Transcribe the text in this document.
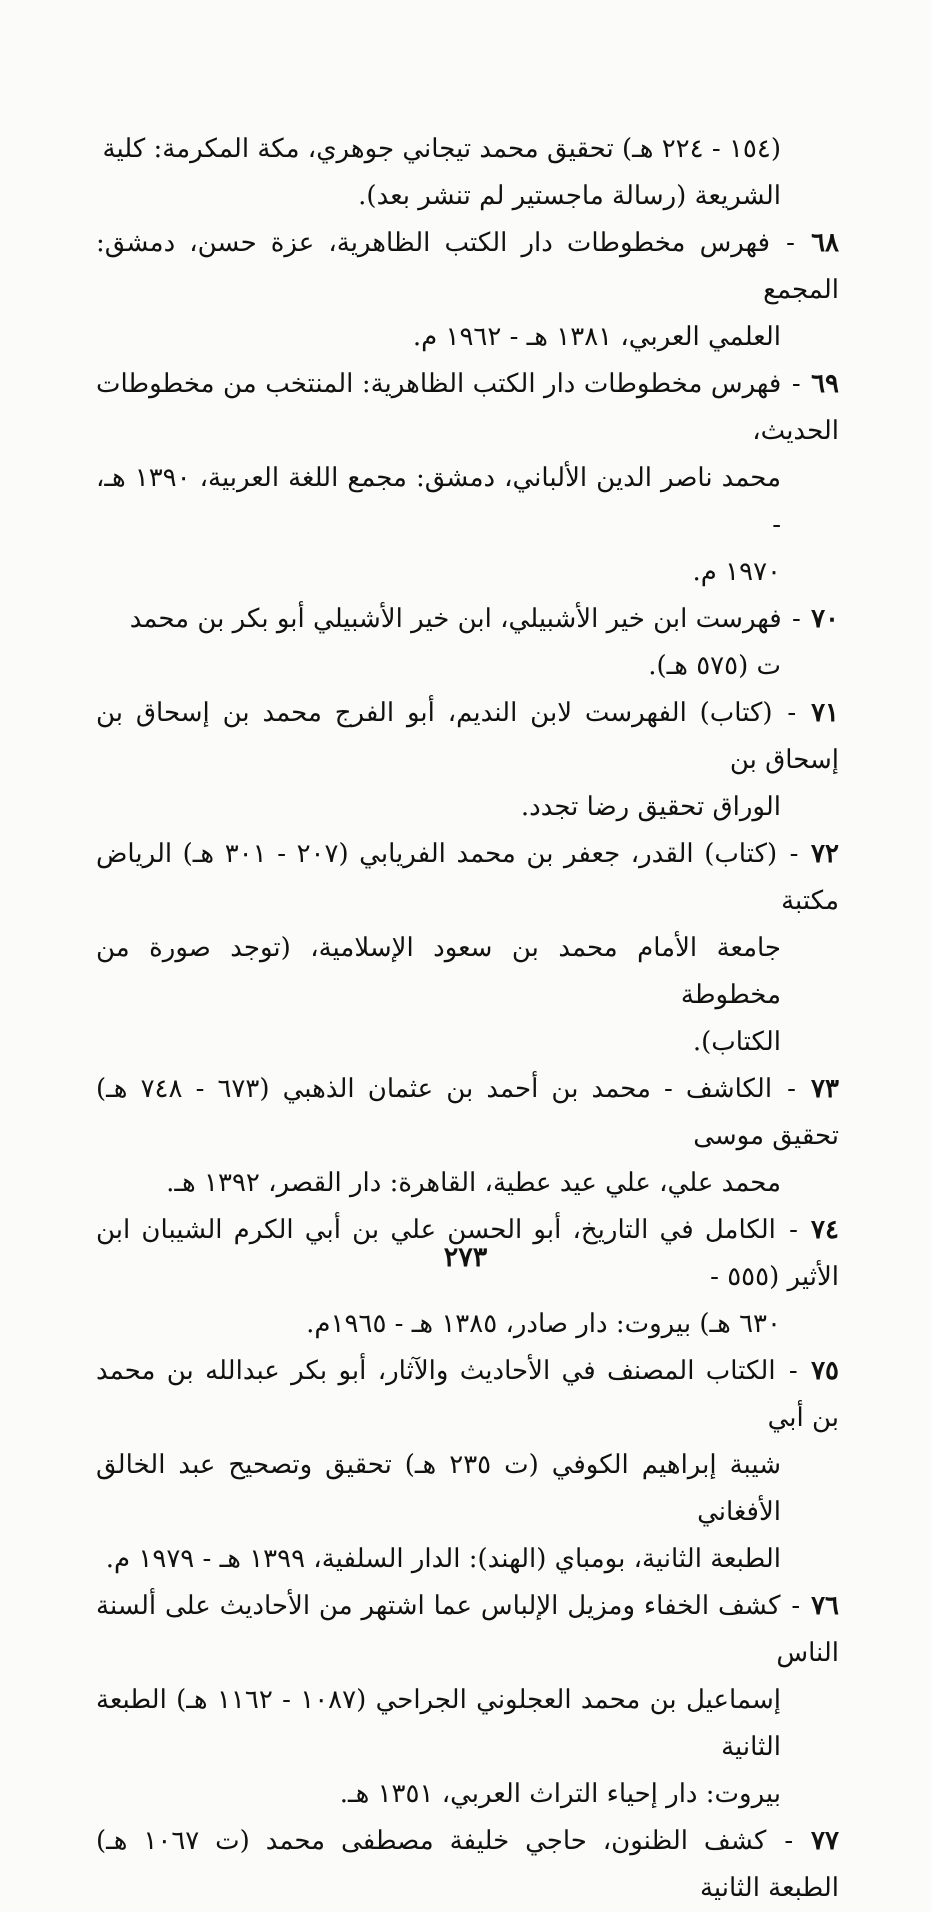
(١٥٤ - ٢٢٤ هـ) تحقيق محمد تيجاني جوهري، مكة المكرمة: كلية
الشريعة (رسالة ماجستير لم تنشر بعد).
٦٨ - فهرس مخطوطات دار الكتب الظاهرية، عزة حسن، دمشق: المجمع
العلمي العربي، ١٣٨١ هـ - ١٩٦٢ م.
٦٩ - فهرس مخطوطات دار الكتب الظاهرية: المنتخب من مخطوطات الحديث،
محمد ناصر الدين الألباني، دمشق: مجمع اللغة العربية، ١٣٩٠ هـ، -
١٩٧٠ م.
٧٠ - فهرست ابن خير الأشبيلي، ابن خير الأشبيلي أبو بكر بن محمد
ت (٥٧٥ هـ).
٧١ - (كتاب) الفهرست لابن النديم، أبو الفرج محمد بن إسحاق بن إسحاق بن
الوراق تحقيق رضا تجدد.
٧٢ - (كتاب) القدر، جعفر بن محمد الفريابي (٢٠٧ - ٣٠١ هـ) الرياض مكتبة
جامعة الأمام محمد بن سعود الإسلامية، (توجد صورة من مخطوطة
الكتاب).
٧٣ - الكاشف - محمد بن أحمد بن عثمان الذهبي (٦٧٣ - ٧٤٨ هـ) تحقيق موسى
محمد علي، علي عيد عطية، القاهرة: دار القصر، ١٣٩٢ هـ.
٧٤ - الكامل في التاريخ، أبو الحسن علي بن أبي الكرم الشيبان ابن الأثير (٥٥٥ -
٦٣٠ هـ) بيروت: دار صادر، ١٣٨٥ هـ - ١٩٦٥م.
٧٥ - الكتاب المصنف في الأحاديث والآثار، أبو بكر عبدالله بن محمد بن أبي
شيبة إبراهيم الكوفي (ت ٢٣٥ هـ) تحقيق وتصحيح عبد الخالق الأفغاني
الطبعة الثانية، بومباي (الهند): الدار السلفية، ١٣٩٩ هـ - ١٩٧٩ م.
٧٦ - كشف الخفاء ومزيل الإلباس عما اشتهر من الأحاديث على ألسنة الناس
إسماعيل بن محمد العجلوني الجراحي (١٠٨٧ - ١١٦٢ هـ) الطبعة الثانية
بيروت: دار إحياء التراث العربي، ١٣٥١ هـ.
٧٧ - كشف الظنون، حاجي خليفة مصطفى محمد (ت ١٠٦٧ هـ) الطبعة الثانية
٢٧٣
